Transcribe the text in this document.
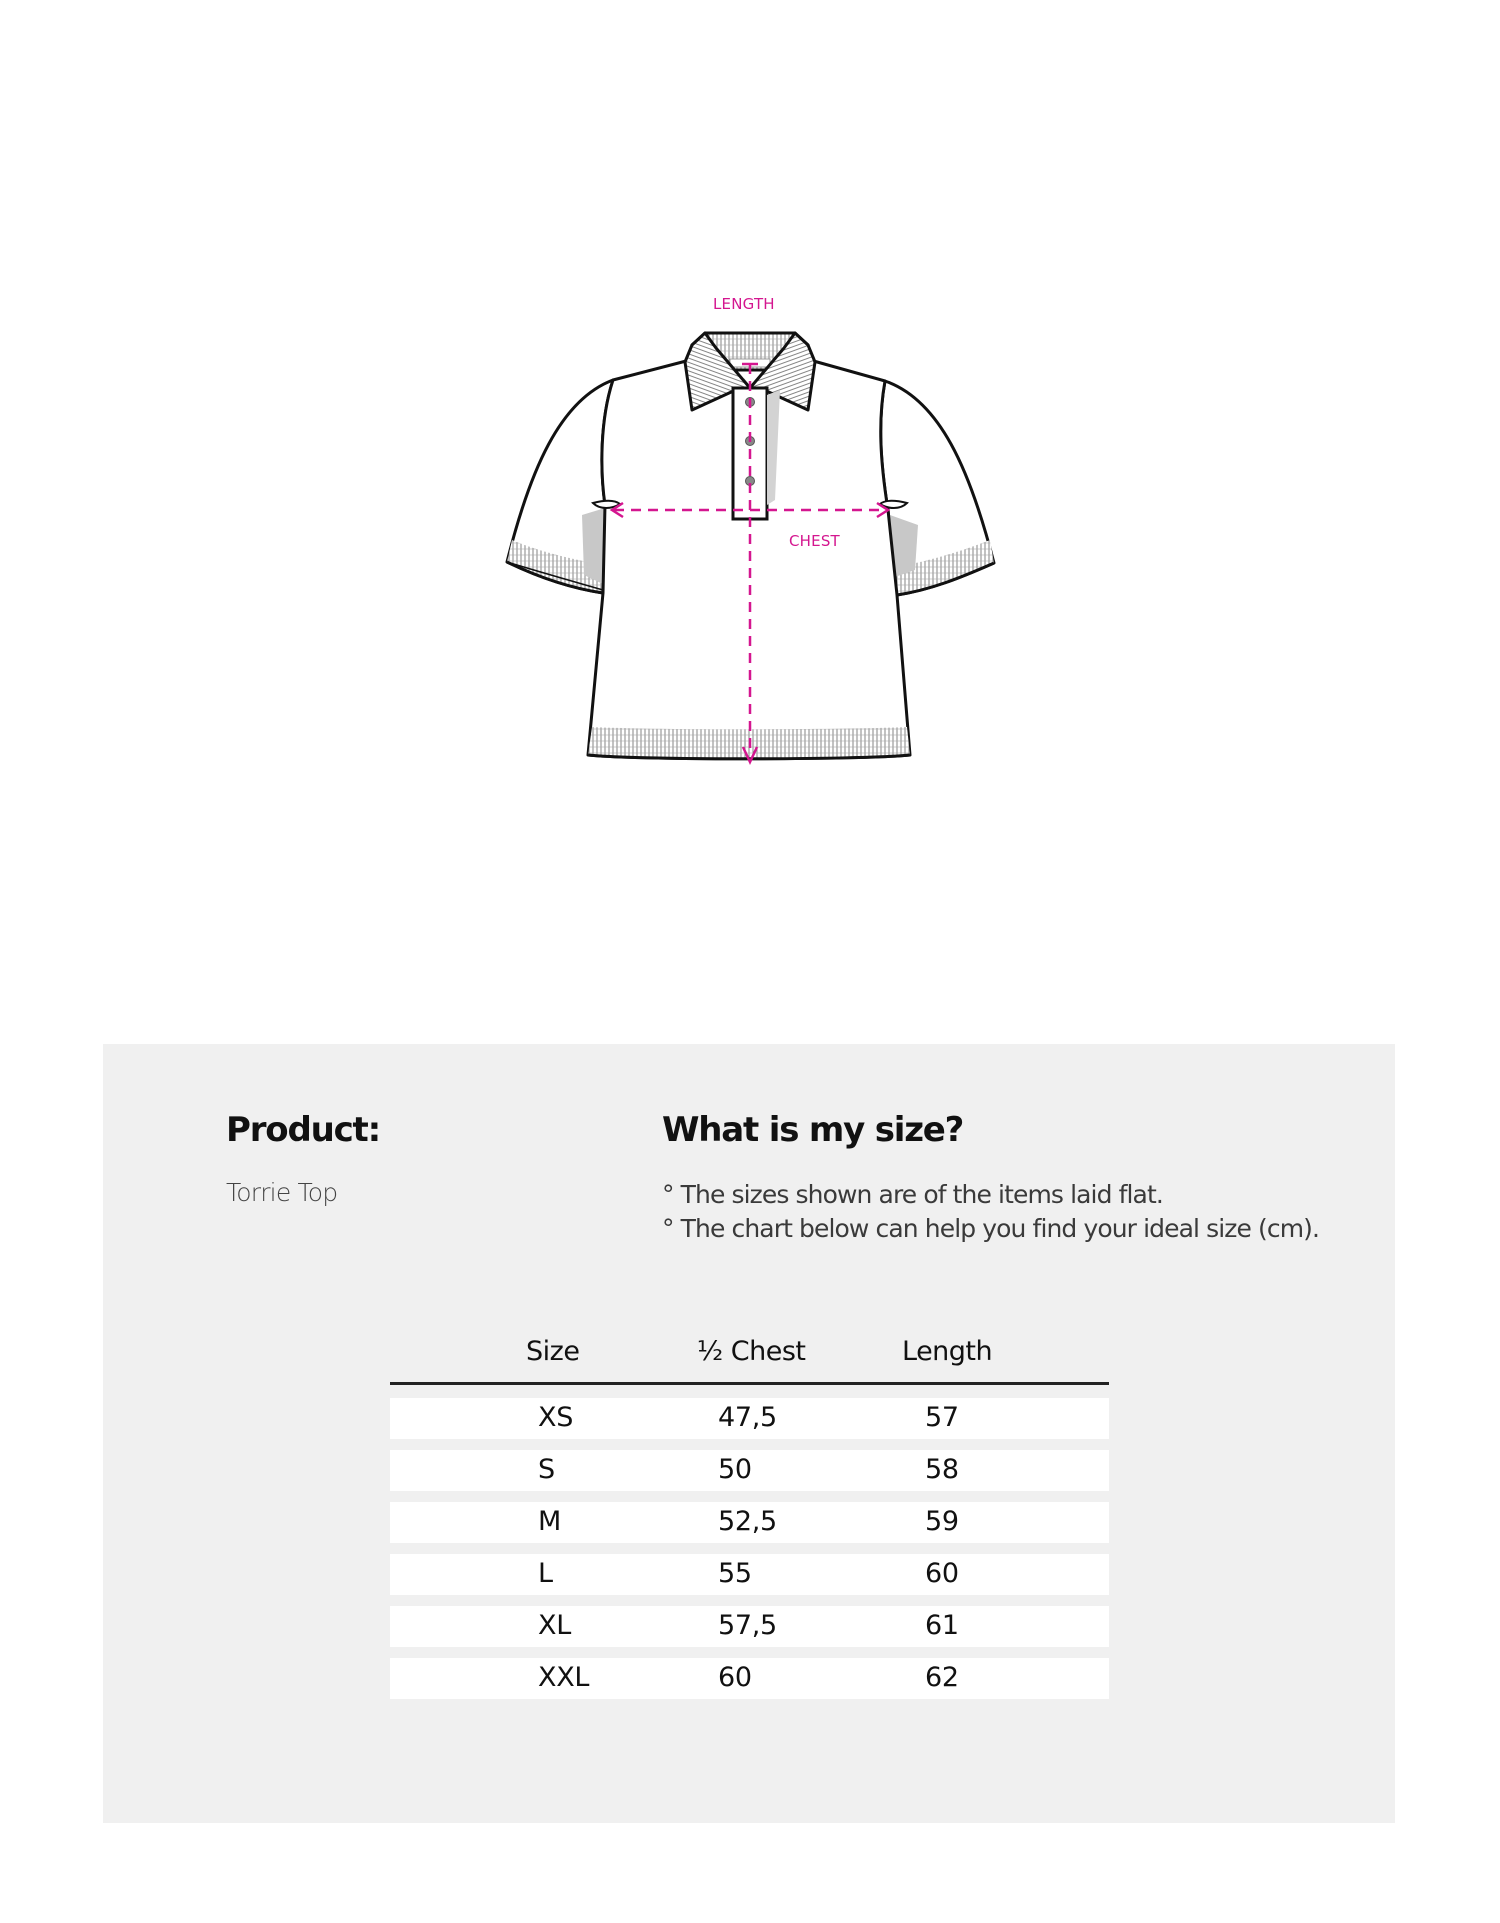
LENGTH
CHEST
Product:	What is my size?
Torrie Top	° The sizes shown are of the items laid flat.
° The chart below can help you find your ideal size (cm).
Size	½ Chest	Length
XS	47,5	57
S	50	58
M	52,5	59
L	55	60
XL	57,5	61
XXL	60	62
